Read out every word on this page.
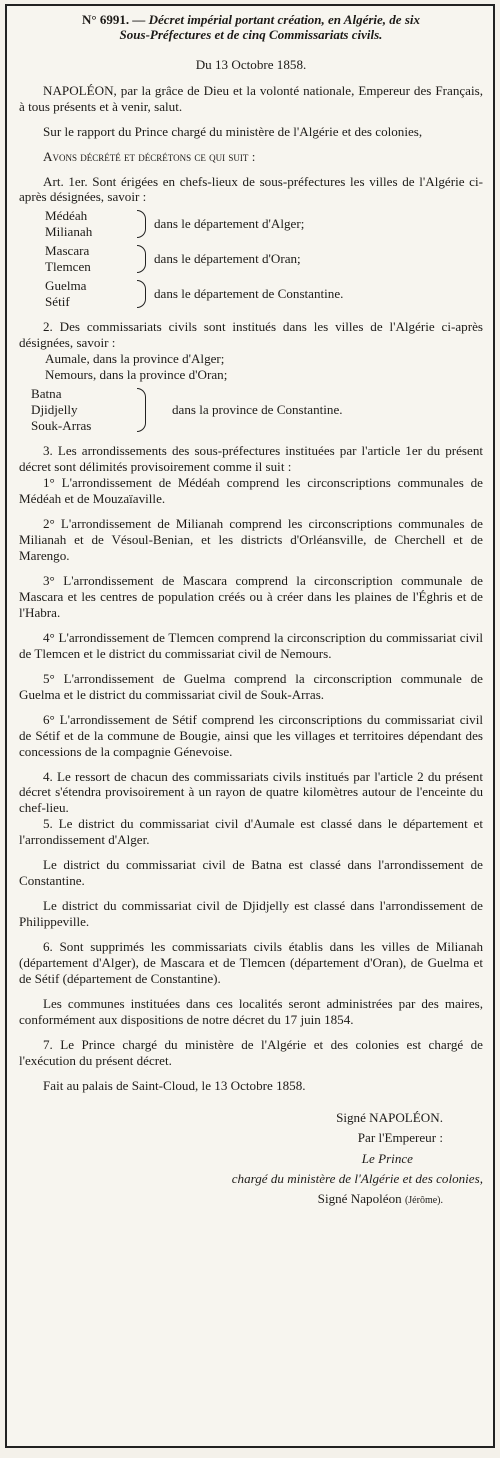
N° 6991. — Décret impérial portant création, en Algérie, de six
Sous-Préfectures et de cinq Commissariats civils.
Du 13 Octobre 1858.

NAPOLÉON, par la grâce de Dieu et la volonté nationale, Empereur des Français, à tous présents et à venir, salut.

Sur le rapport du Prince chargé du ministère de l'Algérie et des colonies,

Avons décrété et décrétons ce qui suit :

Art. 1er. Sont érigées en chefs-lieux de sous-préfectures les villes de l'Algérie ci-après désignées, savoir :

Médéah
Milianah
dans le département d'Alger;
Mascara
Tlemcen
dans le département d'Oran;
Guelma
Sétif
dans le département de Constantine.

2. Des commissariats civils sont institués dans les villes de l'Algérie ci-après désignées, savoir :

Aumale, dans la province d'Alger;
Nemours, dans la province d'Oran;
Batna
Djidjelly
Souk-Arras
dans la province de Constantine.

3. Les arrondissements des sous-préfectures instituées par l'article 1er du présent décret sont délimités provisoirement comme il suit :

1° L'arrondissement de Médéah comprend les circonscriptions communales de Médéah et de Mouzaïaville.

2° L'arrondissement de Milianah comprend les circonscriptions communales de Milianah et de Vésoul-Benian, et les districts d'Orléansville, de Cherchell et de Marengo.

3° L'arrondissement de Mascara comprend la circonscription communale de Mascara et les centres de population créés ou à créer dans les plaines de l'Éghris et de l'Habra.

4° L'arrondissement de Tlemcen comprend la circonscription du commissariat civil de Tlemcen et le district du commissariat civil de Nemours.

5° L'arrondissement de Guelma comprend la circonscription communale de Guelma et le district du commissariat civil de Souk-Arras.

6° L'arrondissement de Sétif comprend les circonscriptions du commissariat civil de Sétif et de la commune de Bougie, ainsi que les villages et territoires dépendant des concessions de la compagnie Génevoise.

4. Le ressort de chacun des commissariats civils institués par l'article 2 du présent décret s'étendra provisoirement à un rayon de quatre kilomètres autour de l'enceinte du chef-lieu.

5. Le district du commissariat civil d'Aumale est classé dans le département et l'arrondissement d'Alger.

Le district du commissariat civil de Batna est classé dans l'arrondissement de Constantine.

Le district du commissariat civil de Djidjelly est classé dans l'arrondissement de Philippeville.

6. Sont supprimés les commissariats civils établis dans les villes de Milianah (département d'Alger), de Mascara et de Tlemcen (département d'Oran), de Guelma et de Sétif (département de Constantine).

Les communes instituées dans ces localités seront administrées par des maires, conformément aux dispositions de notre décret du 17 juin 1854.

7. Le Prince chargé du ministère de l'Algérie et des colonies est chargé de l'exécution du présent décret.

Fait au palais de Saint-Cloud, le 13 Octobre 1858.

Signé NAPOLÉON.
Par l'Empereur :
Le Prince
chargé du ministère de l'Algérie et des colonies,
Signé Napoléon (Jérôme).
